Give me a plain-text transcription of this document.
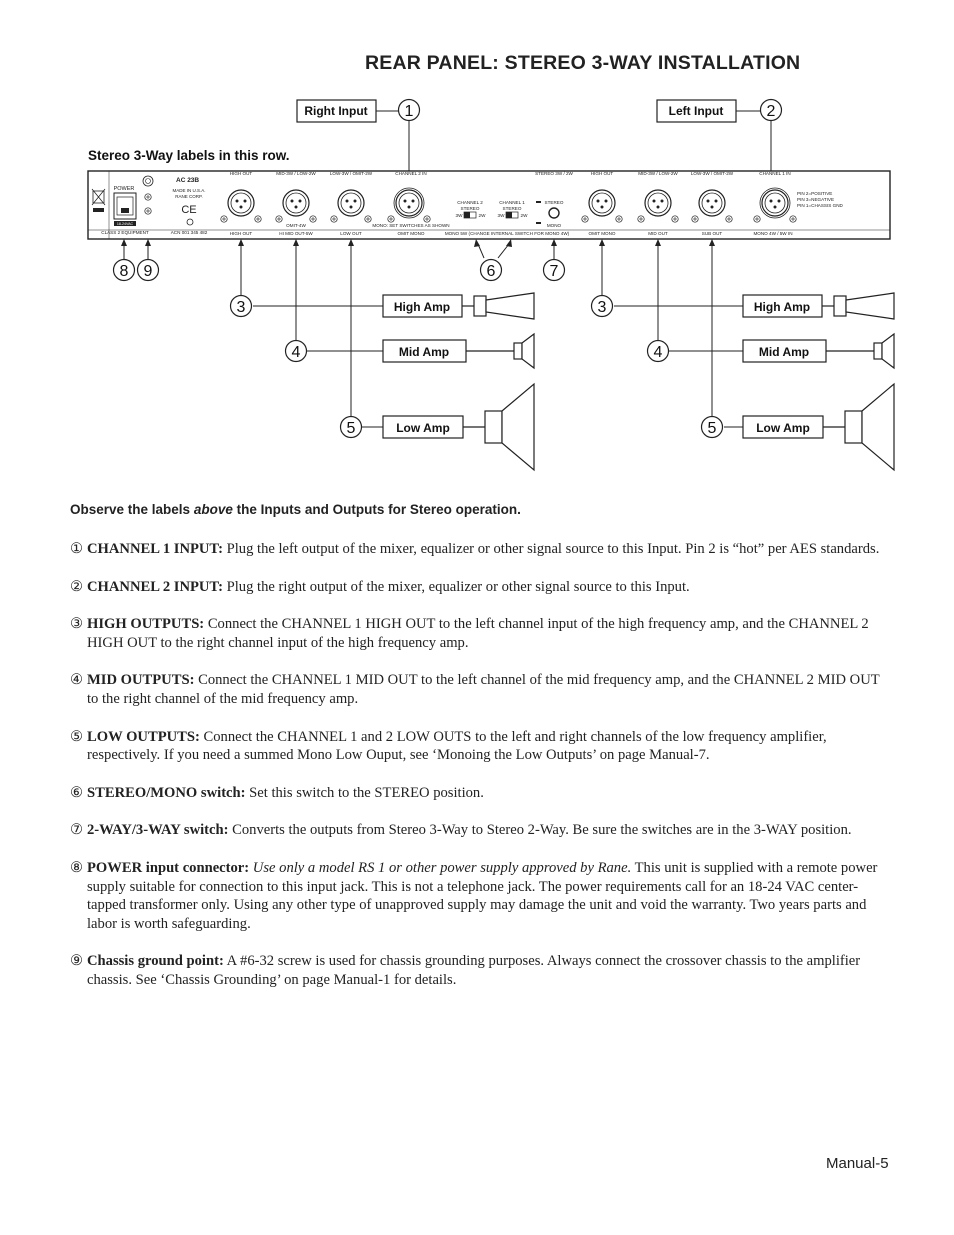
REAR PANEL: STEREO 3-WAY INSTALLATION
Stereo 3-Way labels in this row.
Right Input	Left Input
1	2
POWER
18-24VAC
AC 23B
MADE IN U.S.A.
RANE CORP.
CE
CLASS 2 EQUIPMENT	ACN 001 345 482
HIGH OUT	MID-3W / LOW-2W	LOW-3W / OMIT-2W	CHANNEL 2 IN	STEREO 3W / 2W	HIGH OUT	MID-3W / LOW-2W	LOW-3W / OMIT-2W	CHANNEL 1 IN
OMIT-4W
CHANNEL 2
STEREO
3W	2W
CHANNEL 1
STEREO
3W	2W
STEREO
MONO
MONO: SET SWITCHES AS SHOWN
PIN 2=POSITIVE
PIN 3=NEGATIVE
PIN 1=CHASSIS GND
HIGH OUT	HI MID OUT-5W	LOW OUT	OMIT MONO	MONO 5W (CHANGE INTERNAL SWITCH FOR MONO 4W)	OMIT MONO	MID OUT	SUB OUT	MONO 4W / 5W IN
8 9	6	7
3
4
5
3
4
5
High Amp
Mid Amp
Low Amp
High Amp
Mid Amp
Low Amp
Observe the labels above the Inputs and Outputs for Stereo operation.
① CHANNEL 1 INPUT: Plug the left output of the mixer, equalizer or other signal source to this Input. Pin 2 is “hot” per AES standards.
② CHANNEL 2 INPUT: Plug the right output of the mixer, equalizer or other signal source to this Input.
③ HIGH OUTPUTS: Connect the CHANNEL 1 HIGH OUT to the left channel input of the high frequency amp, and the CHANNEL 2 HIGH OUT to the right channel input of the high frequency amp.
④ MID OUTPUTS: Connect the CHANNEL 1 MID OUT to the left channel of the mid frequency amp, and the CHANNEL 2 MID OUT to the right channel of the mid frequency amp.
⑤ LOW OUTPUTS: Connect the CHANNEL 1 and 2 LOW OUTS to the left and right channels of the low frequency amplifier, respectively. If you need a summed Mono Low Ouput, see ‘Monoing the Low Outputs’ on page Manual-7.
⑥ STEREO/MONO switch: Set this switch to the STEREO position.
⑦ 2-WAY/3-WAY switch: Converts the outputs from Stereo 3-Way to Stereo 2-Way. Be sure the switches are in the 3-WAY position.
⑧ POWER input connector: Use only a model RS 1 or other power supply approved by Rane. This unit is supplied with a remote power supply suitable for connection to this input jack. This is not a telephone jack. The power requirements call for an 18-24 VAC center-tapped transformer only. Using any other type of unapproved supply may damage the unit and void the warranty. Two years parts and labor is worth safeguarding.
⑨ Chassis ground point: A #6-32 screw is used for chassis grounding purposes. Always connect the crossover chassis to the amplifier chassis. See ‘Chassis Grounding’ on page Manual-1 for details.
Manual-5
